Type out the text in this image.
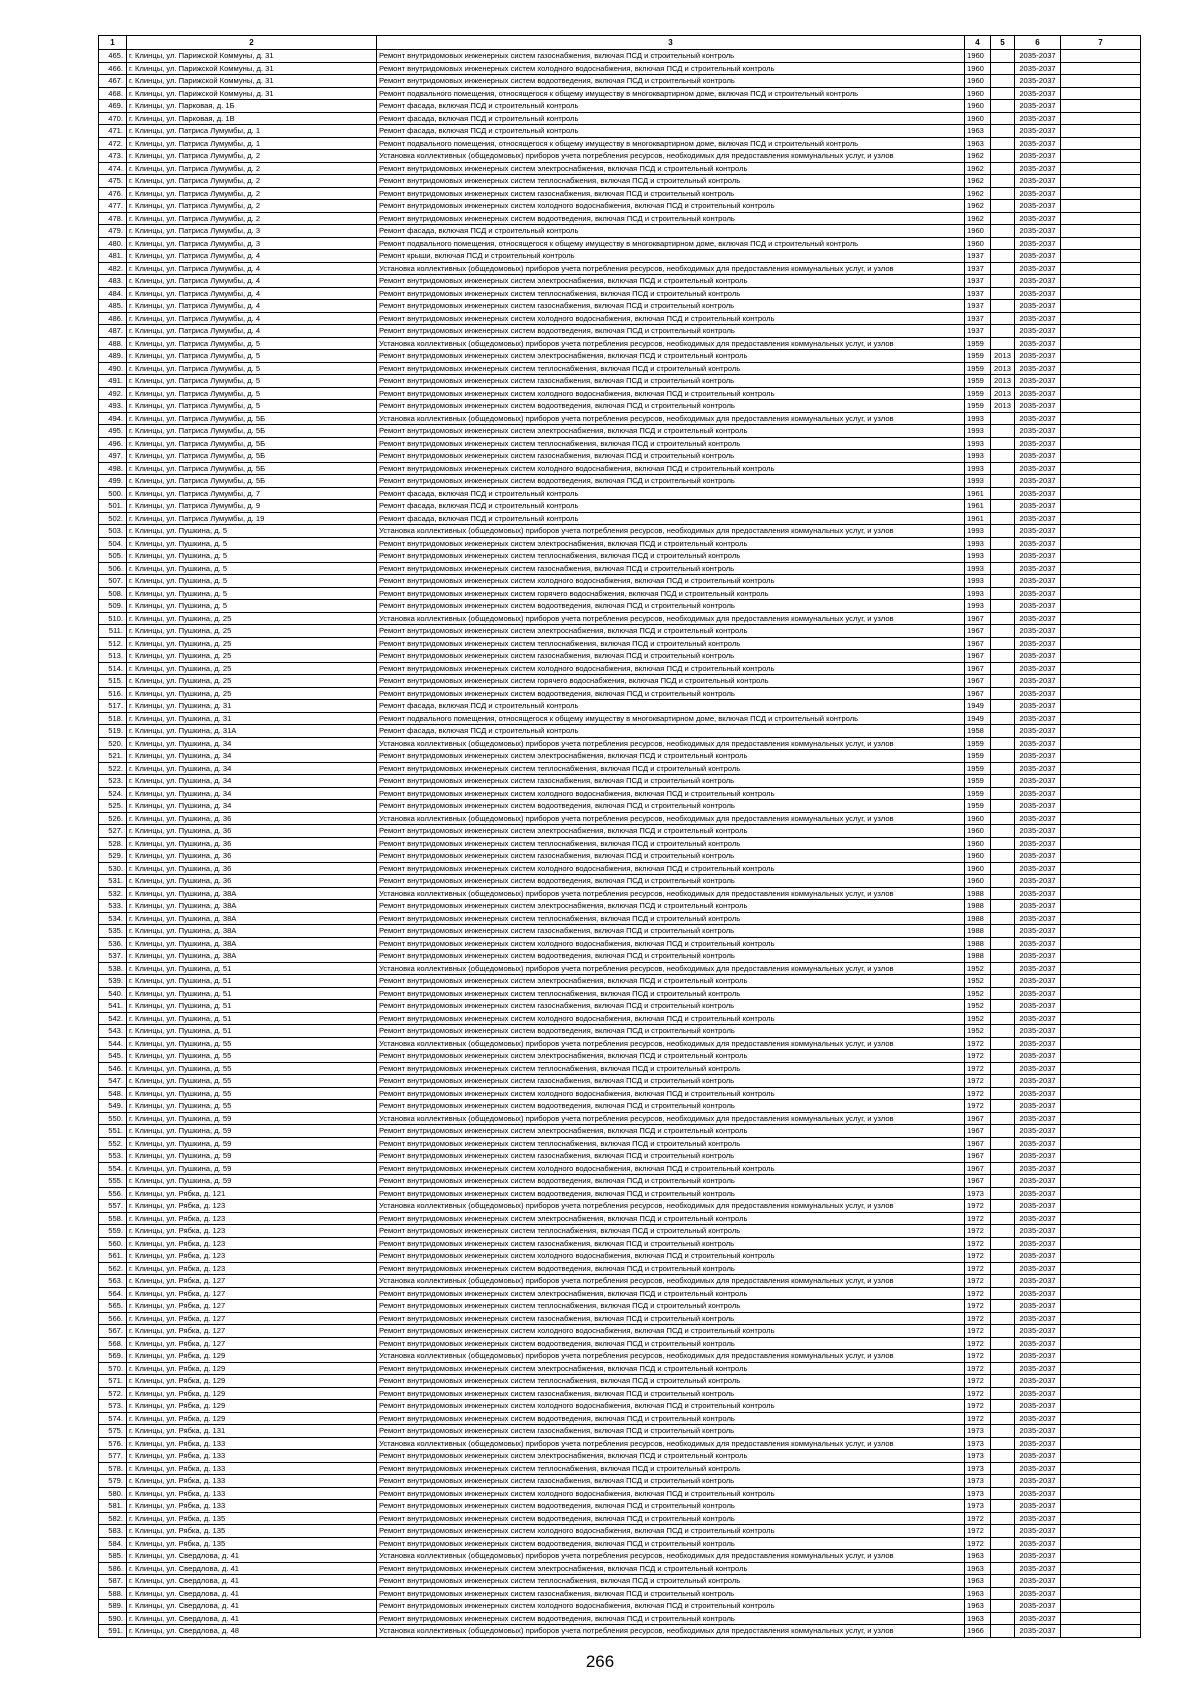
1	2	3	4	5	6	7
465.	г. Клинцы, ул. Парижской Коммуны, д. 31	Ремонт внутридомовых инженерных систем газоснабжения, включая ПСД и строительный контроль	1960		2035-2037	
466.	г. Клинцы, ул. Парижской Коммуны, д. 31	Ремонт внутридомовых инженерных систем холодного водоснабжения, включая ПСД и строительный контроль	1960		2035-2037	
467.	г. Клинцы, ул. Парижской Коммуны, д. 31	Ремонт внутридомовых инженерных систем водоотведения, включая ПСД и строительный контроль	1960		2035-2037	
468.	г. Клинцы, ул. Парижской Коммуны, д. 31	Ремонт подвального помещения, относящегося к общему имуществу в многоквартирном доме, включая ПСД и строительный контроль	1960		2035-2037	
469.	г. Клинцы, ул. Парковая, д. 1Б	Ремонт фасада, включая ПСД и строительный контроль	1960		2035-2037	
470.	г. Клинцы, ул. Парковая, д. 1В	Ремонт фасада, включая ПСД и строительный контроль	1960		2035-2037	
471.	г. Клинцы, ул. Патриса Лумумбы, д. 1	Ремонт фасада, включая ПСД и строительный контроль	1963		2035-2037	
472.	г. Клинцы, ул. Патриса Лумумбы, д. 1	Ремонт подвального помещения, относящегося к общему имуществу в многоквартирном доме, включая ПСД и строительный контроль	1963		2035-2037	
473.	г. Клинцы, ул. Патриса Лумумбы, д. 2	Установка коллективных (общедомовых) приборов учета потребления ресурсов, необходимых для предоставления коммунальных услуг, и узлов	1962		2035-2037	
474.	г. Клинцы, ул. Патриса Лумумбы, д. 2	Ремонт внутридомовых инженерных систем электроснабжения, включая ПСД и строительный контроль	1962		2035-2037	
475.	г. Клинцы, ул. Патриса Лумумбы, д. 2	Ремонт внутридомовых инженерных систем теплоснабжения, включая ПСД и строительный контроль	1962		2035-2037	
476.	г. Клинцы, ул. Патриса Лумумбы, д. 2	Ремонт внутридомовых инженерных систем газоснабжения, включая ПСД и строительный контроль	1962		2035-2037	
477.	г. Клинцы, ул. Патриса Лумумбы, д. 2	Ремонт внутридомовых инженерных систем холодного водоснабжения, включая ПСД и строительный контроль	1962		2035-2037	
478.	г. Клинцы, ул. Патриса Лумумбы, д. 2	Ремонт внутридомовых инженерных систем водоотведения, включая ПСД и строительный контроль	1962		2035-2037	
479.	г. Клинцы, ул. Патриса Лумумбы, д. 3	Ремонт фасада, включая ПСД и строительный контроль	1960		2035-2037	
480.	г. Клинцы, ул. Патриса Лумумбы, д. 3	Ремонт подвального помещения, относящегося к общему имуществу в многоквартирном доме, включая ПСД и строительный контроль	1960		2035-2037	
481.	г. Клинцы, ул. Патриса Лумумбы, д. 4	Ремонт крыши, включая ПСД и строительный контроль	1937		2035-2037	
482.	г. Клинцы, ул. Патриса Лумумбы, д. 4	Установка коллективных (общедомовых) приборов учета потребления ресурсов, необходимых для предоставления коммунальных услуг, и узлов	1937		2035-2037	
483.	г. Клинцы, ул. Патриса Лумумбы, д. 4	Ремонт внутридомовых инженерных систем электроснабжения, включая ПСД и строительный контроль	1937		2035-2037	
484.	г. Клинцы, ул. Патриса Лумумбы, д. 4	Ремонт внутридомовых инженерных систем теплоснабжения, включая ПСД и строительный контроль	1937		2035-2037	
485.	г. Клинцы, ул. Патриса Лумумбы, д. 4	Ремонт внутридомовых инженерных систем газоснабжения, включая ПСД и строительный контроль	1937		2035-2037	
486.	г. Клинцы, ул. Патриса Лумумбы, д. 4	Ремонт внутридомовых инженерных систем холодного водоснабжения, включая ПСД и строительный контроль	1937		2035-2037	
487.	г. Клинцы, ул. Патриса Лумумбы, д. 4	Ремонт внутридомовых инженерных систем водоотведения, включая ПСД и строительный контроль	1937		2035-2037	
488.	г. Клинцы, ул. Патриса Лумумбы, д. 5	Установка коллективных (общедомовых) приборов учета потребления ресурсов, необходимых для предоставления коммунальных услуг, и узлов	1959		2035-2037	
489.	г. Клинцы, ул. Патриса Лумумбы, д. 5	Ремонт внутридомовых инженерных систем электроснабжения, включая ПСД и строительный контроль	1959	2013	2035-2037	
490.	г. Клинцы, ул. Патриса Лумумбы, д. 5	Ремонт внутридомовых инженерных систем теплоснабжения, включая ПСД и строительный контроль	1959	2013	2035-2037	
491.	г. Клинцы, ул. Патриса Лумумбы, д. 5	Ремонт внутридомовых инженерных систем газоснабжения, включая ПСД и строительный контроль	1959	2013	2035-2037	
492.	г. Клинцы, ул. Патриса Лумумбы, д. 5	Ремонт внутридомовых инженерных систем холодного водоснабжения, включая ПСД и строительный контроль	1959	2013	2035-2037	
493.	г. Клинцы, ул. Патриса Лумумбы, д. 5	Ремонт внутридомовых инженерных систем водоотведения, включая ПСД и строительный контроль	1959	2013	2035-2037	
494.	г. Клинцы, ул. Патриса Лумумбы, д. 5Б	Установка коллективных (общедомовых) приборов учета потребления ресурсов, необходимых для предоставления коммунальных услуг, и узлов	1993		2035-2037	
495.	г. Клинцы, ул. Патриса Лумумбы, д. 5Б	Ремонт внутридомовых инженерных систем электроснабжения, включая ПСД и строительный контроль	1993		2035-2037	
496.	г. Клинцы, ул. Патриса Лумумбы, д. 5Б	Ремонт внутридомовых инженерных систем теплоснабжения, включая ПСД и строительный контроль	1993		2035-2037	
497.	г. Клинцы, ул. Патриса Лумумбы, д. 5Б	Ремонт внутридомовых инженерных систем газоснабжения, включая ПСД и строительный контроль	1993		2035-2037	
498.	г. Клинцы, ул. Патриса Лумумбы, д. 5Б	Ремонт внутридомовых инженерных систем холодного водоснабжения, включая ПСД и строительный контроль	1993		2035-2037	
499.	г. Клинцы, ул. Патриса Лумумбы, д. 5Б	Ремонт внутридомовых инженерных систем водоотведения, включая ПСД и строительный контроль	1993		2035-2037	
500.	г. Клинцы, ул. Патриса Лумумбы, д. 7	Ремонт фасада, включая ПСД и строительный контроль	1961		2035-2037	
501.	г. Клинцы, ул. Патриса Лумумбы, д. 9	Ремонт фасада, включая ПСД и строительный контроль	1961		2035-2037	
502.	г. Клинцы, ул. Патриса Лумумбы, д. 19	Ремонт фасада, включая ПСД и строительный контроль	1961		2035-2037	
503.	г. Клинцы, ул. Пушкина, д. 5	Установка коллективных (общедомовых) приборов учета потребления ресурсов, необходимых для предоставления коммунальных услуг, и узлов	1993		2035-2037	
504.	г. Клинцы, ул. Пушкина, д. 5	Ремонт внутридомовых инженерных систем электроснабжения, включая ПСД и строительный контроль	1993		2035-2037	
505.	г. Клинцы, ул. Пушкина, д. 5	Ремонт внутридомовых инженерных систем теплоснабжения, включая ПСД и строительный контроль	1993		2035-2037	
506.	г. Клинцы, ул. Пушкина, д. 5	Ремонт внутридомовых инженерных систем газоснабжения, включая ПСД и строительный контроль	1993		2035-2037	
507.	г. Клинцы, ул. Пушкина, д. 5	Ремонт внутридомовых инженерных систем холодного водоснабжения, включая ПСД и строительный контроль	1993		2035-2037	
508.	г. Клинцы, ул. Пушкина, д. 5	Ремонт внутридомовых инженерных систем горячего водоснабжения, включая ПСД и строительный контроль	1993		2035-2037	
509.	г. Клинцы, ул. Пушкина, д. 5	Ремонт внутридомовых инженерных систем водоотведения, включая ПСД и строительный контроль	1993		2035-2037	
510.	г. Клинцы, ул. Пушкина, д. 25	Установка коллективных (общедомовых) приборов учета потребления ресурсов, необходимых для предоставления коммунальных услуг, и узлов	1967		2035-2037	
511.	г. Клинцы, ул. Пушкина, д. 25	Ремонт внутридомовых инженерных систем электроснабжения, включая ПСД и строительный контроль	1967		2035-2037	
512.	г. Клинцы, ул. Пушкина, д. 25	Ремонт внутридомовых инженерных систем теплоснабжения, включая ПСД и строительный контроль	1967		2035-2037	
513.	г. Клинцы, ул. Пушкина, д. 25	Ремонт внутридомовых инженерных систем газоснабжения, включая ПСД и строительный контроль	1967		2035-2037	
514.	г. Клинцы, ул. Пушкина, д. 25	Ремонт внутридомовых инженерных систем холодного водоснабжения, включая ПСД и строительный контроль	1967		2035-2037	
515.	г. Клинцы, ул. Пушкина, д. 25	Ремонт внутридомовых инженерных систем горячего водоснабжения, включая ПСД и строительный контроль	1967		2035-2037	
516.	г. Клинцы, ул. Пушкина, д. 25	Ремонт внутридомовых инженерных систем водоотведения, включая ПСД и строительный контроль	1967		2035-2037	
517.	г. Клинцы, ул. Пушкина, д. 31	Ремонт фасада, включая ПСД и строительный контроль	1949		2035-2037	
518.	г. Клинцы, ул. Пушкина, д. 31	Ремонт подвального помещения, относящегося к общему имуществу в многоквартирном доме, включая ПСД и строительный контроль	1949		2035-2037	
519.	г. Клинцы, ул. Пушкина, д. 31А	Ремонт фасада, включая ПСД и строительный контроль	1958		2035-2037	
520.	г. Клинцы, ул. Пушкина, д. 34	Установка коллективных (общедомовых) приборов учета потребления ресурсов, необходимых для предоставления коммунальных услуг, и узлов	1959		2035-2037	
521.	г. Клинцы, ул. Пушкина, д. 34	Ремонт внутридомовых инженерных систем электроснабжения, включая ПСД и строительный контроль	1959		2035-2037	
522.	г. Клинцы, ул. Пушкина, д. 34	Ремонт внутридомовых инженерных систем теплоснабжения, включая ПСД и строительный контроль	1959		2035-2037	
523.	г. Клинцы, ул. Пушкина, д. 34	Ремонт внутридомовых инженерных систем газоснабжения, включая ПСД и строительный контроль	1959		2035-2037	
524.	г. Клинцы, ул. Пушкина, д. 34	Ремонт внутридомовых инженерных систем холодного водоснабжения, включая ПСД и строительный контроль	1959		2035-2037	
525.	г. Клинцы, ул. Пушкина, д. 34	Ремонт внутридомовых инженерных систем водоотведения, включая ПСД и строительный контроль	1959		2035-2037	
526.	г. Клинцы, ул. Пушкина, д. 36	Установка коллективных (общедомовых) приборов учета потребления ресурсов, необходимых для предоставления коммунальных услуг, и узлов	1960		2035-2037	
527.	г. Клинцы, ул. Пушкина, д. 36	Ремонт внутридомовых инженерных систем электроснабжения, включая ПСД и строительный контроль	1960		2035-2037	
528.	г. Клинцы, ул. Пушкина, д. 36	Ремонт внутридомовых инженерных систем теплоснабжения, включая ПСД и строительный контроль	1960		2035-2037	
529.	г. Клинцы, ул. Пушкина, д. 36	Ремонт внутридомовых инженерных систем газоснабжения, включая ПСД и строительный контроль	1960		2035-2037	
530.	г. Клинцы, ул. Пушкина, д. 36	Ремонт внутридомовых инженерных систем холодного водоснабжения, включая ПСД и строительный контроль	1960		2035-2037	
531.	г. Клинцы, ул. Пушкина, д. 36	Ремонт внутридомовых инженерных систем водоотведения, включая ПСД и строительный контроль	1960		2035-2037	
532.	г. Клинцы, ул. Пушкина, д. 38А	Установка коллективных (общедомовых) приборов учета потребления ресурсов, необходимых для предоставления коммунальных услуг, и узлов	1988		2035-2037	
533.	г. Клинцы, ул. Пушкина, д. 38А	Ремонт внутридомовых инженерных систем электроснабжения, включая ПСД и строительный контроль	1988		2035-2037	
534.	г. Клинцы, ул. Пушкина, д. 38А	Ремонт внутридомовых инженерных систем теплоснабжения, включая ПСД и строительный контроль	1988		2035-2037	
535.	г. Клинцы, ул. Пушкина, д. 38А	Ремонт внутридомовых инженерных систем газоснабжения, включая ПСД и строительный контроль	1988		2035-2037	
536.	г. Клинцы, ул. Пушкина, д. 38А	Ремонт внутридомовых инженерных систем холодного водоснабжения, включая ПСД и строительный контроль	1988		2035-2037	
537.	г. Клинцы, ул. Пушкина, д. 38А	Ремонт внутридомовых инженерных систем водоотведения, включая ПСД и строительный контроль	1988		2035-2037	
538.	г. Клинцы, ул. Пушкина, д. 51	Установка коллективных (общедомовых) приборов учета потребления ресурсов, необходимых для предоставления коммунальных услуг, и узлов	1952		2035-2037	
539.	г. Клинцы, ул. Пушкина, д. 51	Ремонт внутридомовых инженерных систем электроснабжения, включая ПСД и строительный контроль	1952		2035-2037	
540.	г. Клинцы, ул. Пушкина, д. 51	Ремонт внутридомовых инженерных систем теплоснабжения, включая ПСД и строительный контроль	1952		2035-2037	
541.	г. Клинцы, ул. Пушкина, д. 51	Ремонт внутридомовых инженерных систем газоснабжения, включая ПСД и строительный контроль	1952		2035-2037	
542.	г. Клинцы, ул. Пушкина, д. 51	Ремонт внутридомовых инженерных систем холодного водоснабжения, включая ПСД и строительный контроль	1952		2035-2037	
543.	г. Клинцы, ул. Пушкина, д. 51	Ремонт внутридомовых инженерных систем водоотведения, включая ПСД и строительный контроль	1952		2035-2037	
544.	г. Клинцы, ул. Пушкина, д. 55	Установка коллективных (общедомовых) приборов учета потребления ресурсов, необходимых для предоставления коммунальных услуг, и узлов	1972		2035-2037	
545.	г. Клинцы, ул. Пушкина, д. 55	Ремонт внутридомовых инженерных систем электроснабжения, включая ПСД и строительный контроль	1972		2035-2037	
546.	г. Клинцы, ул. Пушкина, д. 55	Ремонт внутридомовых инженерных систем теплоснабжения, включая ПСД и строительный контроль	1972		2035-2037	
547.	г. Клинцы, ул. Пушкина, д. 55	Ремонт внутридомовых инженерных систем газоснабжения, включая ПСД и строительный контроль	1972		2035-2037	
548.	г. Клинцы, ул. Пушкина, д. 55	Ремонт внутридомовых инженерных систем холодного водоснабжения, включая ПСД и строительный контроль	1972		2035-2037	
549.	г. Клинцы, ул. Пушкина, д. 55	Ремонт внутридомовых инженерных систем водоотведения, включая ПСД и строительный контроль	1972		2035-2037	
550.	г. Клинцы, ул. Пушкина, д. 59	Установка коллективных (общедомовых) приборов учета потребления ресурсов, необходимых для предоставления коммунальных услуг, и узлов	1967		2035-2037	
551.	г. Клинцы, ул. Пушкина, д. 59	Ремонт внутридомовых инженерных систем электроснабжения, включая ПСД и строительный контроль	1967		2035-2037	
552.	г. Клинцы, ул. Пушкина, д. 59	Ремонт внутридомовых инженерных систем теплоснабжения, включая ПСД и строительный контроль	1967		2035-2037	
553.	г. Клинцы, ул. Пушкина, д. 59	Ремонт внутридомовых инженерных систем газоснабжения, включая ПСД и строительный контроль	1967		2035-2037	
554.	г. Клинцы, ул. Пушкина, д. 59	Ремонт внутридомовых инженерных систем холодного водоснабжения, включая ПСД и строительный контроль	1967		2035-2037	
555.	г. Клинцы, ул. Пушкина, д. 59	Ремонт внутридомовых инженерных систем водоотведения, включая ПСД и строительный контроль	1967		2035-2037	
556.	г. Клинцы, ул. Рябка, д. 121	Ремонт внутридомовых инженерных систем водоотведения, включая ПСД и строительный контроль	1973		2035-2037	
557.	г. Клинцы, ул. Рябка, д. 123	Установка коллективных (общедомовых) приборов учета потребления ресурсов, необходимых для предоставления коммунальных услуг, и узлов	1972		2035-2037	
558.	г. Клинцы, ул. Рябка, д. 123	Ремонт внутридомовых инженерных систем электроснабжения, включая ПСД и строительный контроль	1972		2035-2037	
559.	г. Клинцы, ул. Рябка, д. 123	Ремонт внутридомовых инженерных систем теплоснабжения, включая ПСД и строительный контроль	1972		2035-2037	
560.	г. Клинцы, ул. Рябка, д. 123	Ремонт внутридомовых инженерных систем газоснабжения, включая ПСД и строительный контроль	1972		2035-2037	
561.	г. Клинцы, ул. Рябка, д. 123	Ремонт внутридомовых инженерных систем холодного водоснабжения, включая ПСД и строительный контроль	1972		2035-2037	
562.	г. Клинцы, ул. Рябка, д. 123	Ремонт внутридомовых инженерных систем водоотведения, включая ПСД и строительный контроль	1972		2035-2037	
563.	г. Клинцы, ул. Рябка, д. 127	Установка коллективных (общедомовых) приборов учета потребления ресурсов, необходимых для предоставления коммунальных услуг, и узлов	1972		2035-2037	
564.	г. Клинцы, ул. Рябка, д. 127	Ремонт внутридомовых инженерных систем электроснабжения, включая ПСД и строительный контроль	1972		2035-2037	
565.	г. Клинцы, ул. Рябка, д. 127	Ремонт внутридомовых инженерных систем теплоснабжения, включая ПСД и строительный контроль	1972		2035-2037	
566.	г. Клинцы, ул. Рябка, д. 127	Ремонт внутридомовых инженерных систем газоснабжения, включая ПСД и строительный контроль	1972		2035-2037	
567.	г. Клинцы, ул. Рябка, д. 127	Ремонт внутридомовых инженерных систем холодного водоснабжения, включая ПСД и строительный контроль	1972		2035-2037	
568.	г. Клинцы, ул. Рябка, д. 127	Ремонт внутридомовых инженерных систем водоотведения, включая ПСД и строительный контроль	1972		2035-2037	
569.	г. Клинцы, ул. Рябка, д. 129	Установка коллективных (общедомовых) приборов учета потребления ресурсов, необходимых для предоставления коммунальных услуг, и узлов	1972		2035-2037	
570.	г. Клинцы, ул. Рябка, д. 129	Ремонт внутридомовых инженерных систем электроснабжения, включая ПСД и строительный контроль	1972		2035-2037	
571.	г. Клинцы, ул. Рябка, д. 129	Ремонт внутридомовых инженерных систем теплоснабжения, включая ПСД и строительный контроль	1972		2035-2037	
572.	г. Клинцы, ул. Рябка, д. 129	Ремонт внутридомовых инженерных систем газоснабжения, включая ПСД и строительный контроль	1972		2035-2037	
573.	г. Клинцы, ул. Рябка, д. 129	Ремонт внутридомовых инженерных систем холодного водоснабжения, включая ПСД и строительный контроль	1972		2035-2037	
574.	г. Клинцы, ул. Рябка, д. 129	Ремонт внутридомовых инженерных систем водоотведения, включая ПСД и строительный контроль	1972		2035-2037	
575.	г. Клинцы, ул. Рябка, д. 131	Ремонт внутридомовых инженерных систем газоснабжения, включая ПСД и строительный контроль	1973		2035-2037	
576.	г. Клинцы, ул. Рябка, д. 133	Установка коллективных (общедомовых) приборов учета потребления ресурсов, необходимых для предоставления коммунальных услуг, и узлов	1973		2035-2037	
577.	г. Клинцы, ул. Рябка, д. 133	Ремонт внутридомовых инженерных систем электроснабжения, включая ПСД и строительный контроль	1973		2035-2037	
578.	г. Клинцы, ул. Рябка, д. 133	Ремонт внутридомовых инженерных систем теплоснабжения, включая ПСД и строительный контроль	1973		2035-2037	
579.	г. Клинцы, ул. Рябка, д. 133	Ремонт внутридомовых инженерных систем газоснабжения, включая ПСД и строительный контроль	1973		2035-2037	
580.	г. Клинцы, ул. Рябка, д. 133	Ремонт внутридомовых инженерных систем холодного водоснабжения, включая ПСД и строительный контроль	1973		2035-2037	
581.	г. Клинцы, ул. Рябка, д. 133	Ремонт внутридомовых инженерных систем водоотведения, включая ПСД и строительный контроль	1973		2035-2037	
582.	г. Клинцы, ул. Рябка, д. 135	Ремонт внутридомовых инженерных систем водоотведения, включая ПСД и строительный контроль	1972		2035-2037	
583.	г. Клинцы, ул. Рябка, д. 135	Ремонт внутридомовых инженерных систем холодного водоснабжения, включая ПСД и строительный контроль	1972		2035-2037	
584.	г. Клинцы, ул. Рябка, д. 135	Ремонт внутридомовых инженерных систем водоотведения, включая ПСД и строительный контроль	1972		2035-2037	
585.	г. Клинцы, ул. Свердлова, д. 41	Установка коллективных (общедомовых) приборов учета потребления ресурсов, необходимых для предоставления коммунальных услуг, и узлов	1963		2035-2037	
586.	г. Клинцы, ул. Свердлова, д. 41	Ремонт внутридомовых инженерных систем электроснабжения, включая ПСД и строительный контроль	1963		2035-2037	
587.	г. Клинцы, ул. Свердлова, д. 41	Ремонт внутридомовых инженерных систем теплоснабжения, включая ПСД и строительный контроль	1963		2035-2037	
588.	г. Клинцы, ул. Свердлова, д. 41	Ремонт внутридомовых инженерных систем газоснабжения, включая ПСД и строительный контроль	1963		2035-2037	
589.	г. Клинцы, ул. Свердлова, д. 41	Ремонт внутридомовых инженерных систем холодного водоснабжения, включая ПСД и строительный контроль	1963		2035-2037	
590.	г. Клинцы, ул. Свердлова, д. 41	Ремонт внутридомовых инженерных систем водоотведения, включая ПСД и строительный контроль	1963		2035-2037	
591.	г. Клинцы, ул. Свердлова, д. 48	Установка коллективных (общедомовых) приборов учета потребления ресурсов, необходимых для предоставления коммунальных услуг, и узлов	1966		2035-2037	
266
